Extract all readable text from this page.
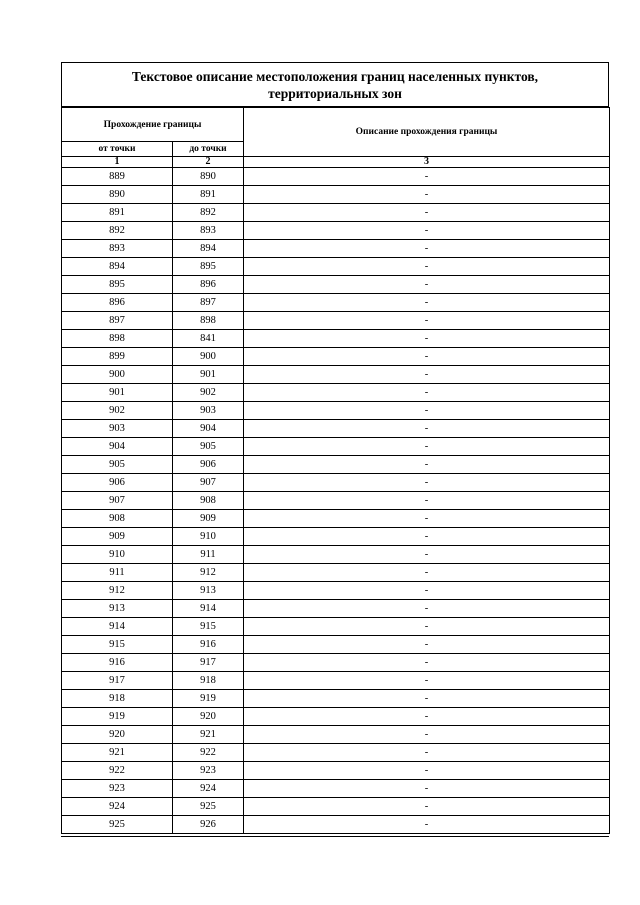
Текстовое описание местоположения границ населенных пунктов,
территориальных зон
Прохождение границы		Описание прохождения границы
от точки	до точки	
1	2	3
889	890	-
890	891	-
891	892	-
892	893	-
893	894	-
894	895	-
895	896	-
896	897	-
897	898	-
898	841	-
899	900	-
900	901	-
901	902	-
902	903	-
903	904	-
904	905	-
905	906	-
906	907	-
907	908	-
908	909	-
909	910	-
910	911	-
911	912	-
912	913	-
913	914	-
914	915	-
915	916	-
916	917	-
917	918	-
918	919	-
919	920	-
920	921	-
921	922	-
922	923	-
923	924	-
924	925	-
925	926	-
